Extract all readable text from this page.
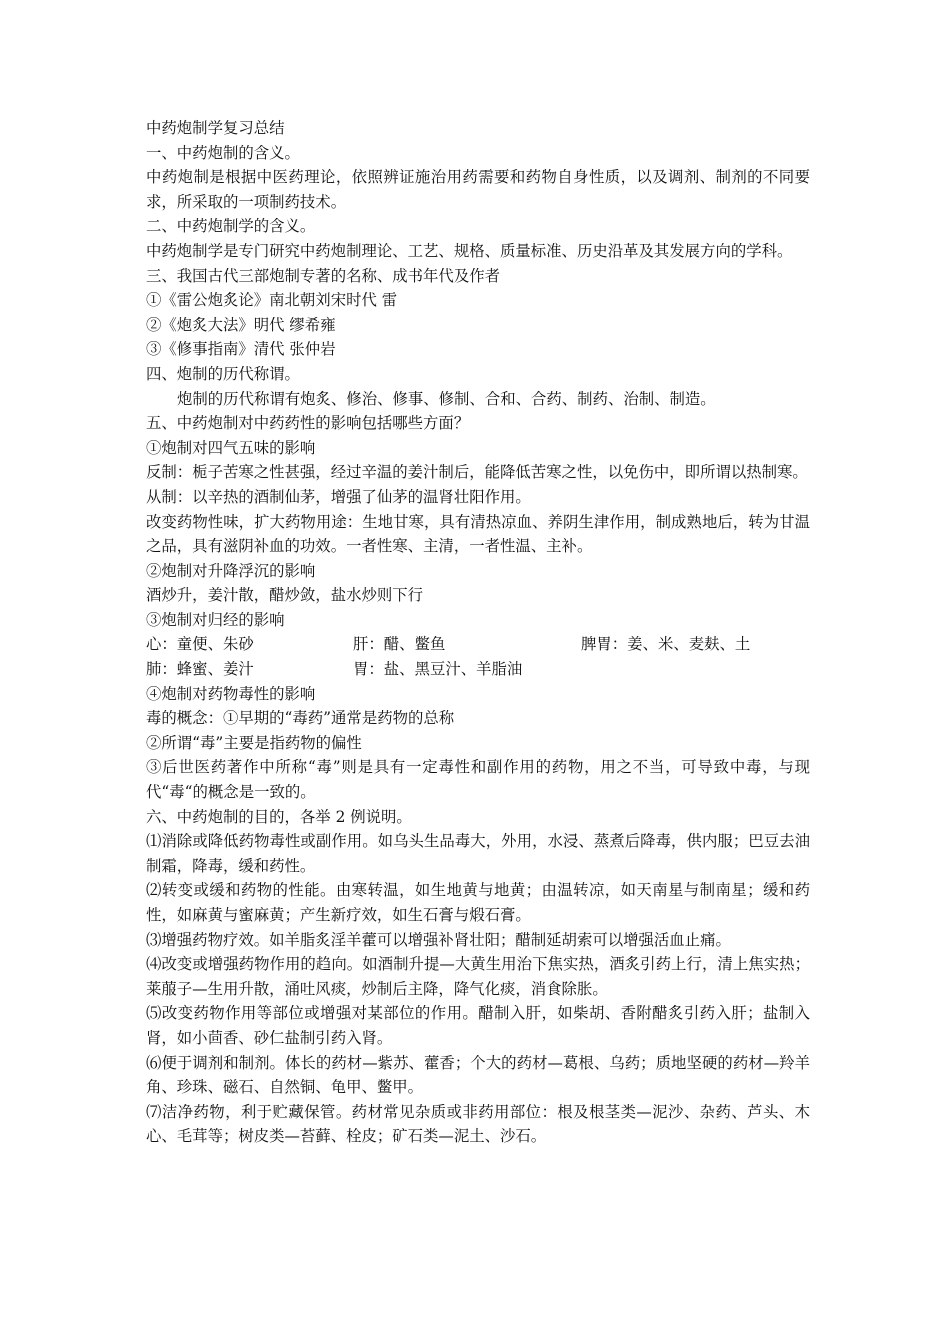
中药炮制学复习总结

一、中药炮制的含义。

中药炮制是根据中医药理论，依照辨证施治用药需要和药物自身性质，以及调剂、制剂的不同要求，所采取的一项制药技术。

二、中药炮制学的含义。

中药炮制学是专门研究中药炮制理论、工艺、规格、质量标准、历史沿革及其发展方向的学科。

三、我国古代三部炮制专著的名称、成书年代及作者

①《雷公炮炙论》南北朝刘宋时代 雷

②《炮炙大法》明代 缪希雍

③《修事指南》清代 张仲岩

四、炮制的历代称谓。

炮制的历代称谓有炮炙、修治、修事、修制、合和、合药、制药、治制、制造。

五、中药炮制对中药药性的影响包括哪些方面？

①炮制对四气五味的影响

反制：栀子苦寒之性甚强，经过辛温的姜汁制后，能降低苦寒之性，以免伤中，即所谓以热制寒。

从制：以辛热的酒制仙茅，增强了仙茅的温肾壮阳作用。

改变药物性味，扩大药物用途：生地甘寒，具有清热凉血、养阴生津作用，制成熟地后，转为甘温之品，具有滋阴补血的功效。一者性寒、主清，一者性温、主补。

②炮制对升降浮沉的影响

酒炒升，姜汁散，醋炒敛，盐水炒则下行

③炮制对归经的影响

心：童便、朱砂	肝：醋、鳖鱼	脾胃：姜、米、麦麸、土
肺：蜂蜜、姜汁	胃：盐、黑豆汁、羊脂油

④炮制对药物毒性的影响

毒的概念：①早期的“毒药”通常是药物的总称

②所谓“毒”主要是指药物的偏性

③后世医药著作中所称“毒”则是具有一定毒性和副作用的药物，用之不当，可导致中毒，与现代“毒“的概念是一致的。

六、中药炮制的目的，各举 2 例说明。

⑴消除或降低药物毒性或副作用。如乌头生品毒大，外用，水浸、蒸煮后降毒，供内服；巴豆去油制霜，降毒，缓和药性。

⑵转变或缓和药物的性能。由寒转温，如生地黄与地黄；由温转凉，如天南星与制南星；缓和药性，如麻黄与蜜麻黄；产生新疗效，如生石膏与煅石膏。

⑶增强药物疗效。如羊脂炙淫羊藿可以增强补肾壮阳；醋制延胡索可以增强活血止痛。

⑷改变或增强药物作用的趋向。如酒制升提—大黄生用治下焦实热，酒炙引药上行，清上焦实热；莱菔子—生用升散，涌吐风痰，炒制后主降，降气化痰，消食除胀。

⑸改变药物作用等部位或增强对某部位的作用。醋制入肝，如柴胡、香附醋炙引药入肝；盐制入肾，如小茴香、砂仁盐制引药入肾。

⑹便于调剂和制剂。体长的药材—紫苏、藿香；个大的药材—葛根、乌药；质地坚硬的药材—羚羊角、珍珠、磁石、自然铜、龟甲、鳖甲。

⑺洁净药物，利于贮藏保管。药材常见杂质或非药用部位：根及根茎类—泥沙、杂药、芦头、木心、毛茸等；树皮类—苔藓、栓皮；矿石类—泥土、沙石。
